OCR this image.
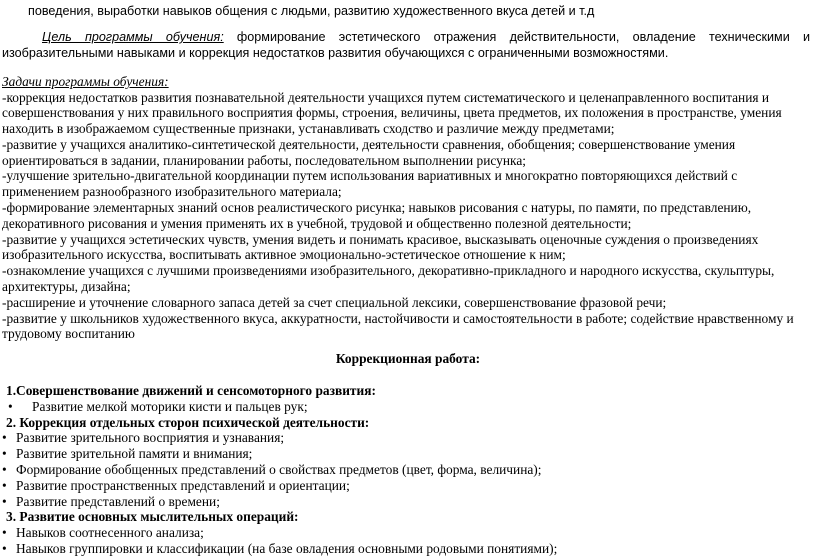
поведения, выработки навыков общения с людьми, развитию художественного вкуса детей и т.д
Цель программы обучения: формирование эстетического отражения действительности, овладение техническими и изобразительными навыками и коррекция недостатков развития обучающихся с ограниченными возможностями.
Задачи программы обучения:

-коррекция недостатков развития познавательной деятельности учащихся путем систематического и целенаправленного воспитания и совершенствования у них правильного восприятия формы, строения, величины, цвета предметов, их положения в пространстве, умения находить в изображаемом существенные признаки, устанавливать сходство и различие между предметами;

-развитие у учащихся аналитико-синтетической деятельности, деятельности сравнения, обобщения; совершенствование умения ориентироваться в задании, планировании работы, последовательном выполнении рисунка;

-улучшение зрительно-двигательной координации путем использования вариативных и многократно повторяющихся действий с применением разнообразного изобразительного материала;

-формирование элементарных знаний основ реалистического рисунка; навыков рисования с натуры, по памяти, по представлению, декоративного рисования и умения применять их в учебной, трудовой и общественно полезной деятельности;

-развитие у учащихся эстетических чувств, умения видеть и понимать красивое, высказывать оценочные суждения о произведениях изобразительного искусства, воспитывать активное эмоционально-эстетическое отношение к ним;

-ознакомление учащихся с лучшими произведениями изобразительного, декоративно-прикладного и народного искусства, скульптуры, архитектуры, дизайна;

-расширение и уточнение словарного запаса детей за счет специальной лексики, совершенствование фразовой речи;

-развитие у школьников художественного вкуса, аккуратности, настойчивости и самостоятельности в работе; содействие нравственному и трудовому воспитанию

Коррекционная работа:

1.Совершенствование движений и сенсомоторного развития:

• Развитие мелкой моторики кисти и пальцев рук;

2. Коррекция отдельных сторон психической деятельности:

• Развитие зрительного восприятия и узнавания;

• Развитие зрительной памяти и внимания;

• Формирование обобщенных представлений о свойствах предметов (цвет, форма, величина);

• Развитие пространственных представлений и ориентации;

• Развитие представлений о времени;

3. Развитие основных мыслительных операций:

• Навыков соотнесенного анализа;

• Навыков группировки и классификации (на базе овладения основными родовыми понятиями);
